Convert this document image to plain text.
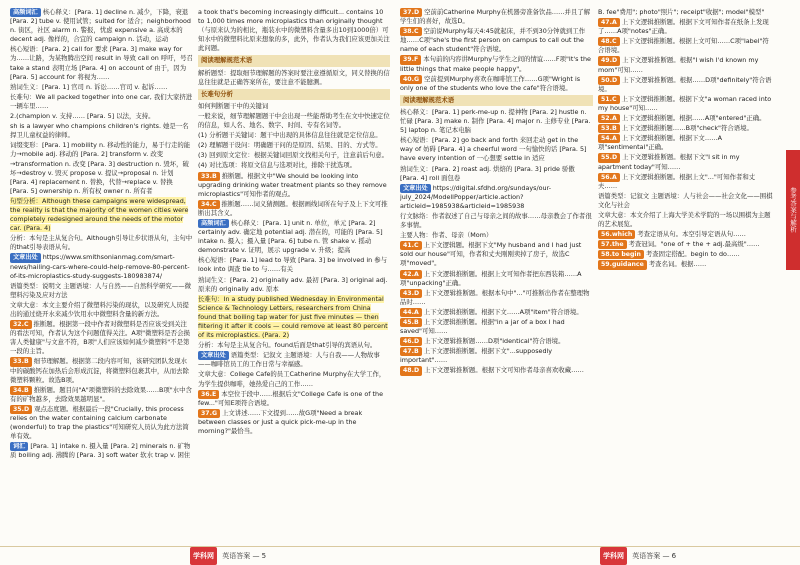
高频词汇 核心释义：[Para. 1] decline n. 减少，下降，衰退 [Para. 2] tube v. 使用试管；suited for 适合；neighborhood n. 街区，社区 alarm n. 警报，忧虑 expensive a. 高成本的 decent adj. 像样的，合宜的 campaign n. 活动，运动

核心短语：[Para. 2] call for 要求 [Para. 3] make way for 为……让路，为某物腾出空间 result in 导致 call on 呼吁，号召 take a stand 表明立场 [Para. 4] on account of 由于，因为 [Para. 5] account for 将视为……

熟词生义：[Para. 1] 官司 n. 诉讼……官司 v. 起诉……

长难句：We all packed together into one car, 我们大家挤进一辆车里……

2.(champion v. 支持…… [Para. 5] 以法，支持。

sh is a lawyer who champions children's rights. 她是一名捍卫儿童权益的律师。

词缀变形：[Para. 1] mobility n. 移动性的能力，易于行走的能力→mobile adj. 移动的 [Para. 2] transform v. 改变→transformation n. 改变 [Para. 3] destruction n. 毁坏，破坏→destroy v. 毁灭 propose v. 提议→proposal n. 计划 [Para. 4] replacement n. 替换，代替→replace v. 替换 [Para. 5] ownership n. 所有权 owner n. 所有者

句型分析：Although these campaigns were widespread, the reality is that the majority of the women cities were completely redesigned around the needs of the motor car. (Para. 4)

分析：本句是主从复合句。Although引导让步状语从句，主句中的that引导表语从句。

文章出处 https://www.smithsonianmag.com/smart-news/hailing-cars-where-could-help-remove-80-percent-of-its-microplastics-study-suggests-180983874/

语篇类型：说明文 主题语境：人与自然——自然科学研究——微塑料污染及应对方法

文章大意：本文主要介绍了微塑料污染的现状，以及研究人员提出的通过烧开水来减少饮用水中微塑料含量的新方法。

32.C 推断题。根据第一段中作者对微塑料是否应该受到关注的看法可知，作者认为这个问题值得关注。A项"微塑料是否会损害人类健康"与文意不符，B项"人们应该如何减少微塑料"不是第一段的主旨。

33.B 细节理解题。根据第二段内容可知，该研究团队发现水中的碳酸钙在加热后会形成沉淀，将微塑料包裹其中，从而去除微塑料颗粒。故选B项。

34.B 推断题。题目问"A"项微塑料的去除效果……B项"水中含有的矿物越多，去除效果越明显"。

35.D 观点态度题。根据最后一段"Crucially, this process relies on the water containing calcium carbonate (wonderful) to trap the plastics"可知研究人员认为此方法简单有效。

词汇 [Para. 1] intake n. 摄入量 [Para. 2] minerals n. 矿物质 boiling adj. 沸腾的 [Para. 3] soft water 软水 trap v. 困住

a took that's becoming increasingly difficult... contains 10 to 1,000 times more microplastics than originally thought（与原来认为的相比，瓶装水中的微塑料含量多出10到1000倍）可知水中的微塑料比原来想象的多，此外，作者认为我们应该更加关注此问题。

阅读理解规范术语

解析题型：提取细节理解题的答案时要注意遵循原文，同义替换的信息往往就是正确答案所在，要注意不能臆测。

长难句分析

如何判断题干中的关键词

一般来说，细节理解题题干中会出现一些能帮助考生在文中快速定位的信息，如人名、地名、数字、时间、专有名词等。

(1) 分析题干关键词：题干中出现的具体信息往往就是定位信息。

(2) 理解题干设问：明确题干问的是原因、结果、目的、方式等。

(3) 回到原文定位：根据关键词回原文找相关句子，注意前后句意。

(4) 对比选项：将原文信息与选项对比，排除干扰选项。

33.B 推断题。根据文中"We should be looking into upgrading drinking water treatment plants so they remove microplastics"可知作者的观点。

34.C 推断题……词义猜测题。根据画线词所在句子及上下文可推断出其含义。

高频词汇 核心释义：[Para. 1] unit n. 单位，单元 [Para. 2] certainly adv. 确定地 potential adj. 潜在的，可能的 [Para. 5] intake n. 摄入；摄入量 [Para. 6] tube n. 管 shake v. 摇动 demonstrate v. 证明，展示 upgrade v. 升级；提高

核心短语：[Para. 1] lead to 导致 [Para. 3] be involved in 参与 look into 调查 tie to 与……有关

熟词生义：[Para. 2] originally adv. 最初 [Para. 3] original adj. 原来的 originally adv. 原本

长难句：In a study published Wednesday in Environmental Science & Technology Letters, researchers from China found that boiling tap water for just five minutes — then filtering it after it cools — could remove at least 80 percent of its microplastics. (Para. 2)

分析：本句是主从复合句。found后面是that引导的宾语从句。

文章出处 语篇类型：记叙文 主题语境：人与自我——人物故事——咖啡馆员工的工作日常与幸福感。

文章大意：College Cafe的员工Catherine Murphy在大学工作，为学生提供咖啡，她热爱自己的工作……

36.E 本空位于段中……根据后文"College Cafe is one of the few..."可知E项符合语境。

37.G 上文讲述……下文提到……故G项"Need a break between classes or just a quick pick-me-up in the morning?"最恰当。

37.D 空前前Catherine Murphy在机器旁准备饮品……并且了解学生们的喜好，故选D。

38.C 空前说Murphy每天4:45就起床，并不到30分钟就到工作地……C项"she's the first person on campus to call out the name of each student"符合语境。

39.F 本句前的内容讲Murphy与学生之间的情谊……F项"It's the little things that make people happy"。

40.G 空前提到Murphy喜欢在咖啡馆工作……G项"Wright is only one of the students who love the cafe"符合语境。

阅读理解规范术语

核心释义：[Para. 1] perk-me-up n. 提神物 [Para. 2] hustle n. 忙碌 [Para. 3] make n. 制作 [Para. 4] major n. 主修专业 [Para. 5] laptop n. 笔记本电脑

核心短语：[Para. 2] go back and forth 来回走动 get in the way of 妨碍 [Para. 4] a cheerful word 一句愉快的话 [Para. 5] have every intention of 一心想要 settle in 适应

熟词生义：[Para. 2] roast adj. 烘焙的 [Para. 3] pride 骄傲 [Para. 4] roll 面包卷

文章出处 https://digital.sfdhd.org/sundays/our-july_2024/ModellPopper/article.action?articleid=1985938&articleid=1985938

行文脉络：作者叙述了自己与母亲之间的故事……母亲教会了作者很多事情。

主要人物：作者、母亲（Mom）

41.C 上下文逻辑题。根据下文"My husband and I had just sold our house"可知，作者和丈夫刚刚卖掉了房子，故选C项"moved"。

42.A 上下文逻辑推断题。根据上文可知作者把东西装箱……A项"unpacking"正确。

43.D 上下文逻辑推断题。根据本句中"..."可推断出作者在整理物品时……

44.A 上下文逻辑推断题。根据下文……A项"item"符合语境。

45.B 上下文逻辑推断题。根据"in a jar of a box I had saved"可知……

46.D 上下文逻辑推断题……D项"identical"符合语境。

47.B 上下文逻辑推断题。根据下文"...supposedly important"……

48.D 上下文逻辑推断题。根据下文可知作者母亲喜欢收藏……

B. fee"费用"; photo"照片"; receipt"收据"; model"模型"

47.A 上下文逻辑推断题。根据下文可知作者在纸条上发现了……A项"notes"正确。

48.C 上下文逻辑推断题。根据上文可知……C项"label"符合语境。

49.D 上下文逻辑推断题。根据"I wish I'd known my mom"可知……

50.D 上下文逻辑推断题。根据……D项"definitely"符合语境。

51.C 上下文逻辑推断题。根据下文"a woman raced into my house"可知……

52.A 上下文逻辑推断题。根据……A项"entered"正确。

53.B 上下文逻辑推断题……B项"check"符合语境。

54.A 上下文逻辑推断题。根据下文……A项"sentimental"正确。

55.D 上下文逻辑推断题。根据下文"I sit in my apartment today"可知……

56.A 上下文逻辑推断题。根据上文"..."可知作者和丈夫……

语篇类型：记叙文 主题语境：人与社会——社会文化——围棋文化与社会

文章大意：本文介绍了上海大学美术学院的一场以围棋为主题的艺术展览。

56.which 考查定语从句。本空引导定语从句……

57.the 考查冠词。"one of + the + adj.最高级"……

58.to begin 考查固定搭配。begin to do……

59.guidance 考查名词。根据……

参考答案与解析
学科网 英语答案 — 5	学科网 英语答案 — 6
